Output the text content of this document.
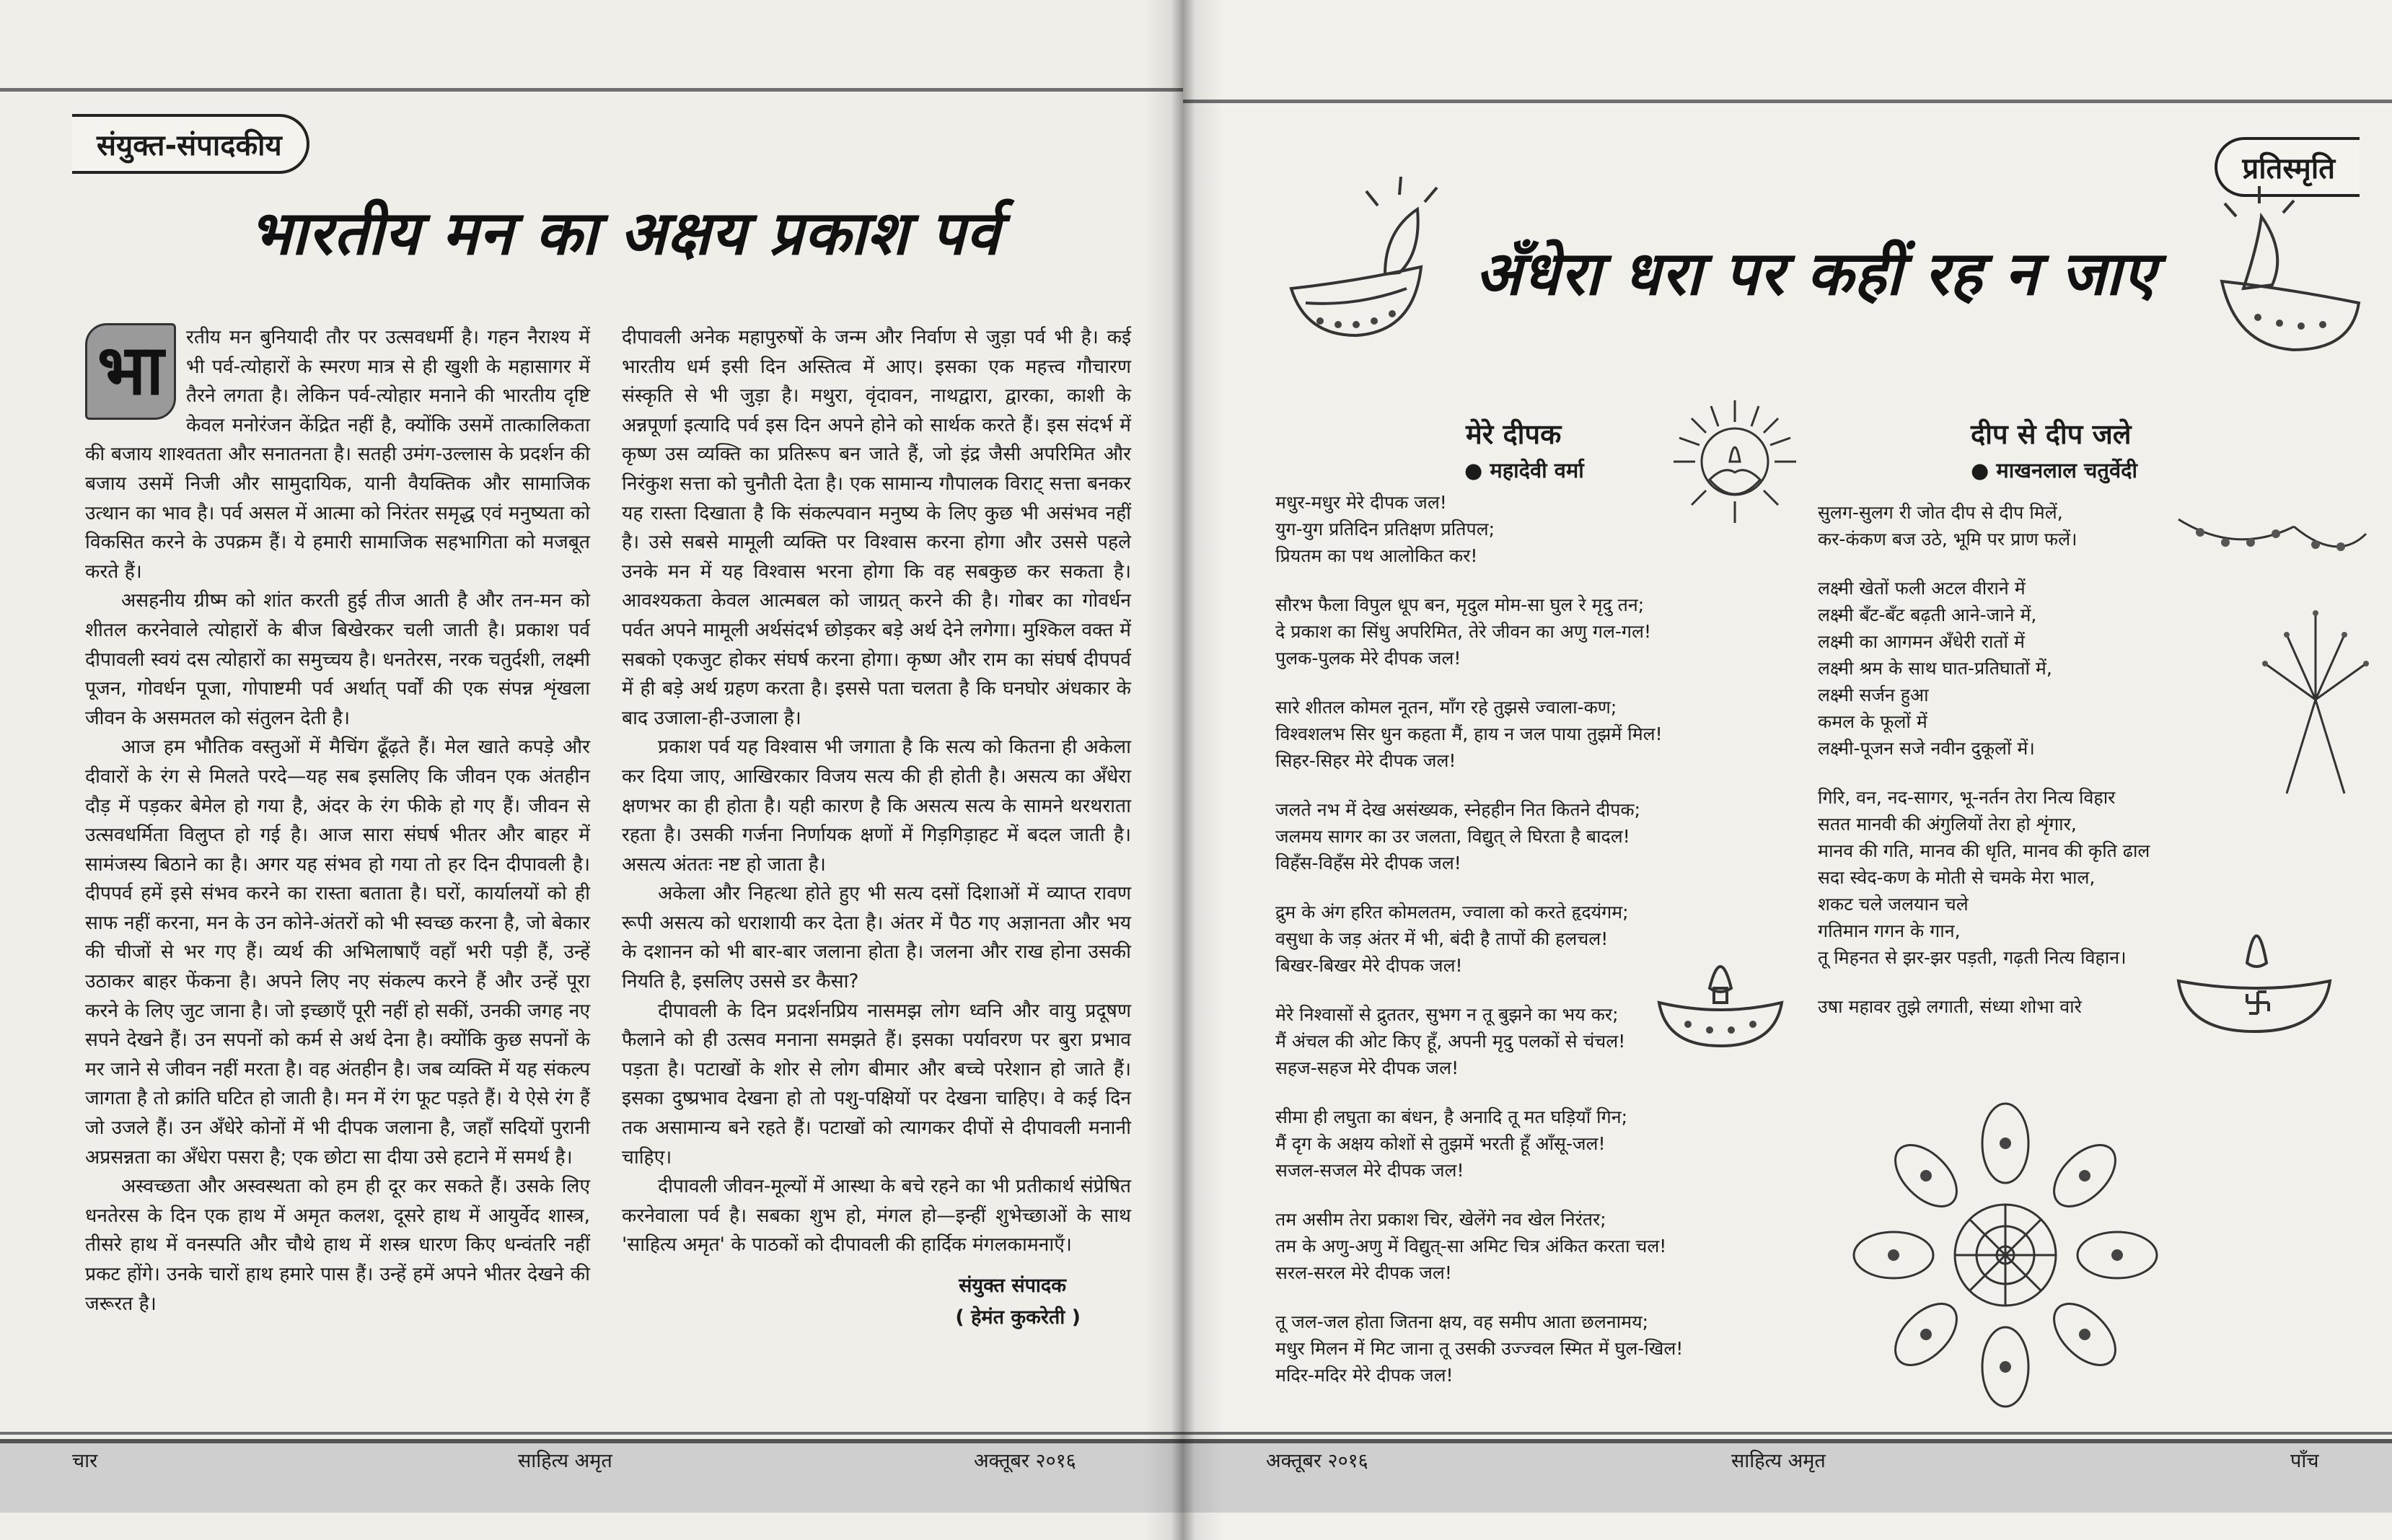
संयुक्त-संपादकीय
भारतीय मन का अक्षय प्रकाश पर्व

भा	रतीय मन बुनियादी तौर पर उत्सवधर्मी है। गहन नैराश्य में भी पर्व-त्योहारों के स्मरण मात्र से ही खुशी के महासागर में तैरने लगता है। लेकिन पर्व-त्योहार मनाने की भारतीय दृष्टि केवल मनोरंजन केंद्रित नहीं है, क्योंकि उसमें तात्कालिकता की बजाय शाश्वतता और सनातनता है। सतही उमंग-उल्लास के प्रदर्शन की बजाय उसमें निजी और सामुदायिक, यानी वैयक्तिक और सामाजिक उत्थान का भाव है। पर्व असल में आत्मा को निरंतर समृद्ध एवं मनुष्यता को विकसित करने के उपक्रम हैं। ये हमारी सामाजिक सहभागिता को मजबूत करते हैं।

असहनीय ग्रीष्म को शांत करती हुई तीज आती है और तन-मन को शीतल करनेवाले त्योहारों के बीज बिखेरकर चली जाती है। प्रकाश पर्व दीपावली स्वयं दस त्योहारों का समुच्चय है। धनतेरस, नरक चतुर्दशी, लक्ष्मी पूजन, गोवर्धन पूजा, गोपाष्टमी पर्व अर्थात् पर्वों की एक संपन्न शृंखला जीवन के असमतल को संतुलन देती है।

आज हम भौतिक वस्तुओं में मैचिंग ढूँढ़ते हैं। मेल खाते कपड़े और दीवारों के रंग से मिलते परदे—यह सब इसलिए कि जीवन एक अंतहीन दौड़ में पड़कर बेमेल हो गया है, अंदर के रंग फीके हो गए हैं। जीवन से उत्सवधर्मिता विलुप्त हो गई है। आज सारा संघर्ष भीतर और बाहर में सामंजस्य बिठाने का है। अगर यह संभव हो गया तो हर दिन दीपावली है। दीपपर्व हमें इसे संभव करने का रास्ता बताता है। घरों, कार्यालयों को ही साफ नहीं करना, मन के उन कोने-अंतरों को भी स्वच्छ करना है, जो बेकार की चीजों से भर गए हैं। व्यर्थ की अभिलाषाएँ वहाँ भरी पड़ी हैं, उन्हें उठाकर बाहर फेंकना है। अपने लिए नए संकल्प करने हैं और उन्हें पूरा करने के लिए जुट जाना है। जो इच्छाएँ पूरी नहीं हो सकीं, उनकी जगह नए सपने देखने हैं। उन सपनों को कर्म से अर्थ देना है। क्योंकि कुछ सपनों के मर जाने से जीवन नहीं मरता है। वह अंतहीन है। जब व्यक्ति में यह संकल्प जागता है तो क्रांति घटित हो जाती है। मन में रंग फूट पड़ते हैं। ये ऐसे रंग हैं जो उजले हैं। उन अँधेरे कोनों में भी दीपक जलाना है, जहाँ सदियों पुरानी अप्रसन्नता का अँधेरा पसरा है; एक छोटा सा दीया उसे हटाने में समर्थ है।

अस्वच्छता और अस्वस्थता को हम ही दूर कर सकते हैं। उसके लिए धनतेरस के दिन एक हाथ में अमृत कलश, दूसरे हाथ में आयुर्वेद शास्त्र, तीसरे हाथ में वनस्पति और चौथे हाथ में शस्त्र धारण किए धन्वंतरि नहीं प्रकट होंगे। उनके चारों हाथ हमारे पास हैं। उन्हें हमें अपने भीतर देखने की जरूरत है।

दीपावली अनेक महापुरुषों के जन्म और निर्वाण से जुड़ा पर्व भी है। कई भारतीय धर्म इसी दिन अस्तित्व में आए। इसका एक महत्त्व गौचारण संस्कृति से भी जुड़ा है। मथुरा, वृंदावन, नाथद्वारा, द्वारका, काशी के अन्नपूर्णा इत्यादि पर्व इस दिन अपने होने को सार्थक करते हैं। इस संदर्भ में कृष्ण उस व्यक्ति का प्रतिरूप बन जाते हैं, जो इंद्र जैसी अपरिमित और निरंकुश सत्ता को चुनौती देता है। एक सामान्य गौपालक विराट् सत्ता बनकर यह रास्ता दिखाता है कि संकल्पवान मनुष्य के लिए कुछ भी असंभव नहीं है। उसे सबसे मामूली व्यक्ति पर विश्वास करना होगा और उससे पहले उनके मन में यह विश्वास भरना होगा कि वह सबकुछ कर सकता है। आवश्यकता केवल आत्मबल को जाग्रत् करने की है। गोबर का गोवर्धन पर्वत अपने मामूली अर्थसंदर्भ छोड़कर बड़े अर्थ देने लगेगा। मुश्किल वक्त में सबको एकजुट होकर संघर्ष करना होगा। कृष्ण और राम का संघर्ष दीपपर्व में ही बड़े अर्थ ग्रहण करता है। इससे पता चलता है कि घनघोर अंधकार के बाद उजाला-ही-उजाला है।

प्रकाश पर्व यह विश्वास भी जगाता है कि सत्य को कितना ही अकेला कर दिया जाए, आखिरकार विजय सत्य की ही होती है। असत्य का अँधेरा क्षणभर का ही होता है। यही कारण है कि असत्य सत्य के सामने थरथराता रहता है। उसकी गर्जना निर्णायक क्षणों में गिड़गिड़ाहट में बदल जाती है। असत्य अंततः नष्ट हो जाता है।

अकेला और निहत्था होते हुए भी सत्य दसों दिशाओं में व्याप्त रावण रूपी असत्य को धराशायी कर देता है। अंतर में पैठ गए अज्ञानता और भय के दशानन को भी बार-बार जलाना होता है। जलना और राख होना उसकी नियति है, इसलिए उससे डर कैसा?

दीपावली के दिन प्रदर्शनप्रिय नासमझ लोग ध्वनि और वायु प्रदूषण फैलाने को ही उत्सव मनाना समझते हैं। इसका पर्यावरण पर बुरा प्रभाव पड़ता है। पटाखों के शोर से लोग बीमार और बच्चे परेशान हो जाते हैं। इसका दुष्प्रभाव देखना हो तो पशु-पक्षियों पर देखना चाहिए। वे कई दिन तक असामान्य बने रहते हैं। पटाखों को त्यागकर दीपों से दीपावली मनानी चाहिए।

दीपावली जीवन-मूल्यों में आस्था के बचे रहने का भी प्रतीकार्थ संप्रेषित करनेवाला पर्व है। सबका शुभ हो, मंगल हो—इन्हीं शुभेच्छाओं के साथ 'साहित्य अमृत' के पाठकों को दीपावली की हार्दिक मंगलकामनाएँ।

संयुक्त संपादक
( हेमंत कुकरेती )
चार	साहित्य अमृत	अक्तूबर २०१६
प्रतिस्मृति
अँधेरा धरा पर कहीं रह न जाए
मेरे दीपक
● महादेवी वर्मा
मधुर-मधुर मेरे दीपक जल!
युग-युग प्रतिदिन प्रतिक्षण प्रतिपल;
प्रियतम का पथ आलोकित कर!
सौरभ फैला विपुल धूप बन, मृदुल मोम-सा घुल रे मृदु तन;
दे प्रकाश का सिंधु अपरिमित, तेरे जीवन का अणु गल-गल!
पुलक-पुलक मेरे दीपक जल!
सारे शीतल कोमल नूतन, माँग रहे तुझसे ज्वाला-कण;
विश्वशलभ सिर धुन कहता मैं, हाय न जल पाया तुझमें मिल!
सिहर-सिहर मेरे दीपक जल!
जलते नभ में देख असंख्यक, स्नेहहीन नित कितने दीपक;
जलमय सागर का उर जलता, विद्युत् ले घिरता है बादल!
विहँस-विहँस मेरे दीपक जल!
द्रुम के अंग हरित कोमलतम, ज्वाला को करते हृदयंगम;
वसुधा के जड़ अंतर में भी, बंदी है तापों की हलचल!
बिखर-बिखर मेरे दीपक जल!
मेरे निश्वासों से द्रुततर, सुभग न तू बुझने का भय कर;
मैं अंचल की ओट किए हूँ, अपनी मृदु पलकों से चंचल!
सहज-सहज मेरे दीपक जल!
सीमा ही लघुता का बंधन, है अनादि तू मत घड़ियाँ गिन;
मैं दृग के अक्षय कोशों से तुझमें भरती हूँ आँसू-जल!
सजल-सजल मेरे दीपक जल!
तम असीम तेरा प्रकाश चिर, खेलेंगे नव खेल निरंतर;
तम के अणु-अणु में विद्युत्-सा अमिट चित्र अंकित करता चल!
सरल-सरल मेरे दीपक जल!
तू जल-जल होता जितना क्षय, वह समीप आता छलनामय;
मधुर मिलन में मिट जाना तू उसकी उज्ज्वल स्मित में घुल-खिल!
मदिर-मदिर मेरे दीपक जल!
दीप से दीप जले
● माखनलाल चतुर्वेदी
सुलग-सुलग री जोत दीप से दीप मिलें,
कर-कंकण बज उठे, भूमि पर प्राण फलें।
लक्ष्मी खेतों फली अटल वीराने में
लक्ष्मी बँट-बँट बढ़ती आने-जाने में,
लक्ष्मी का आगमन अँधेरी रातों में
लक्ष्मी श्रम के साथ घात-प्रतिघातों में,
लक्ष्मी सर्जन हुआ
कमल के फूलों में
लक्ष्मी-पूजन सजे नवीन दुकूलों में।
गिरि, वन, नद-सागर, भू-नर्तन तेरा नित्य विहार
सतत मानवी की अंगुलियों तेरा हो शृंगार,
मानव की गति, मानव की धृति, मानव की कृति ढाल
सदा स्वेद-कण के मोती से चमके मेरा भाल,
शकट चले जलयान चले
गतिमान गगन के गान,
तू मिहनत से झर-झर पड़ती, गढ़ती नित्य विहान।
उषा महावर तुझे लगाती, संध्या शोभा वारे
अक्तूबर २०१६	साहित्य अमृत	पाँच
